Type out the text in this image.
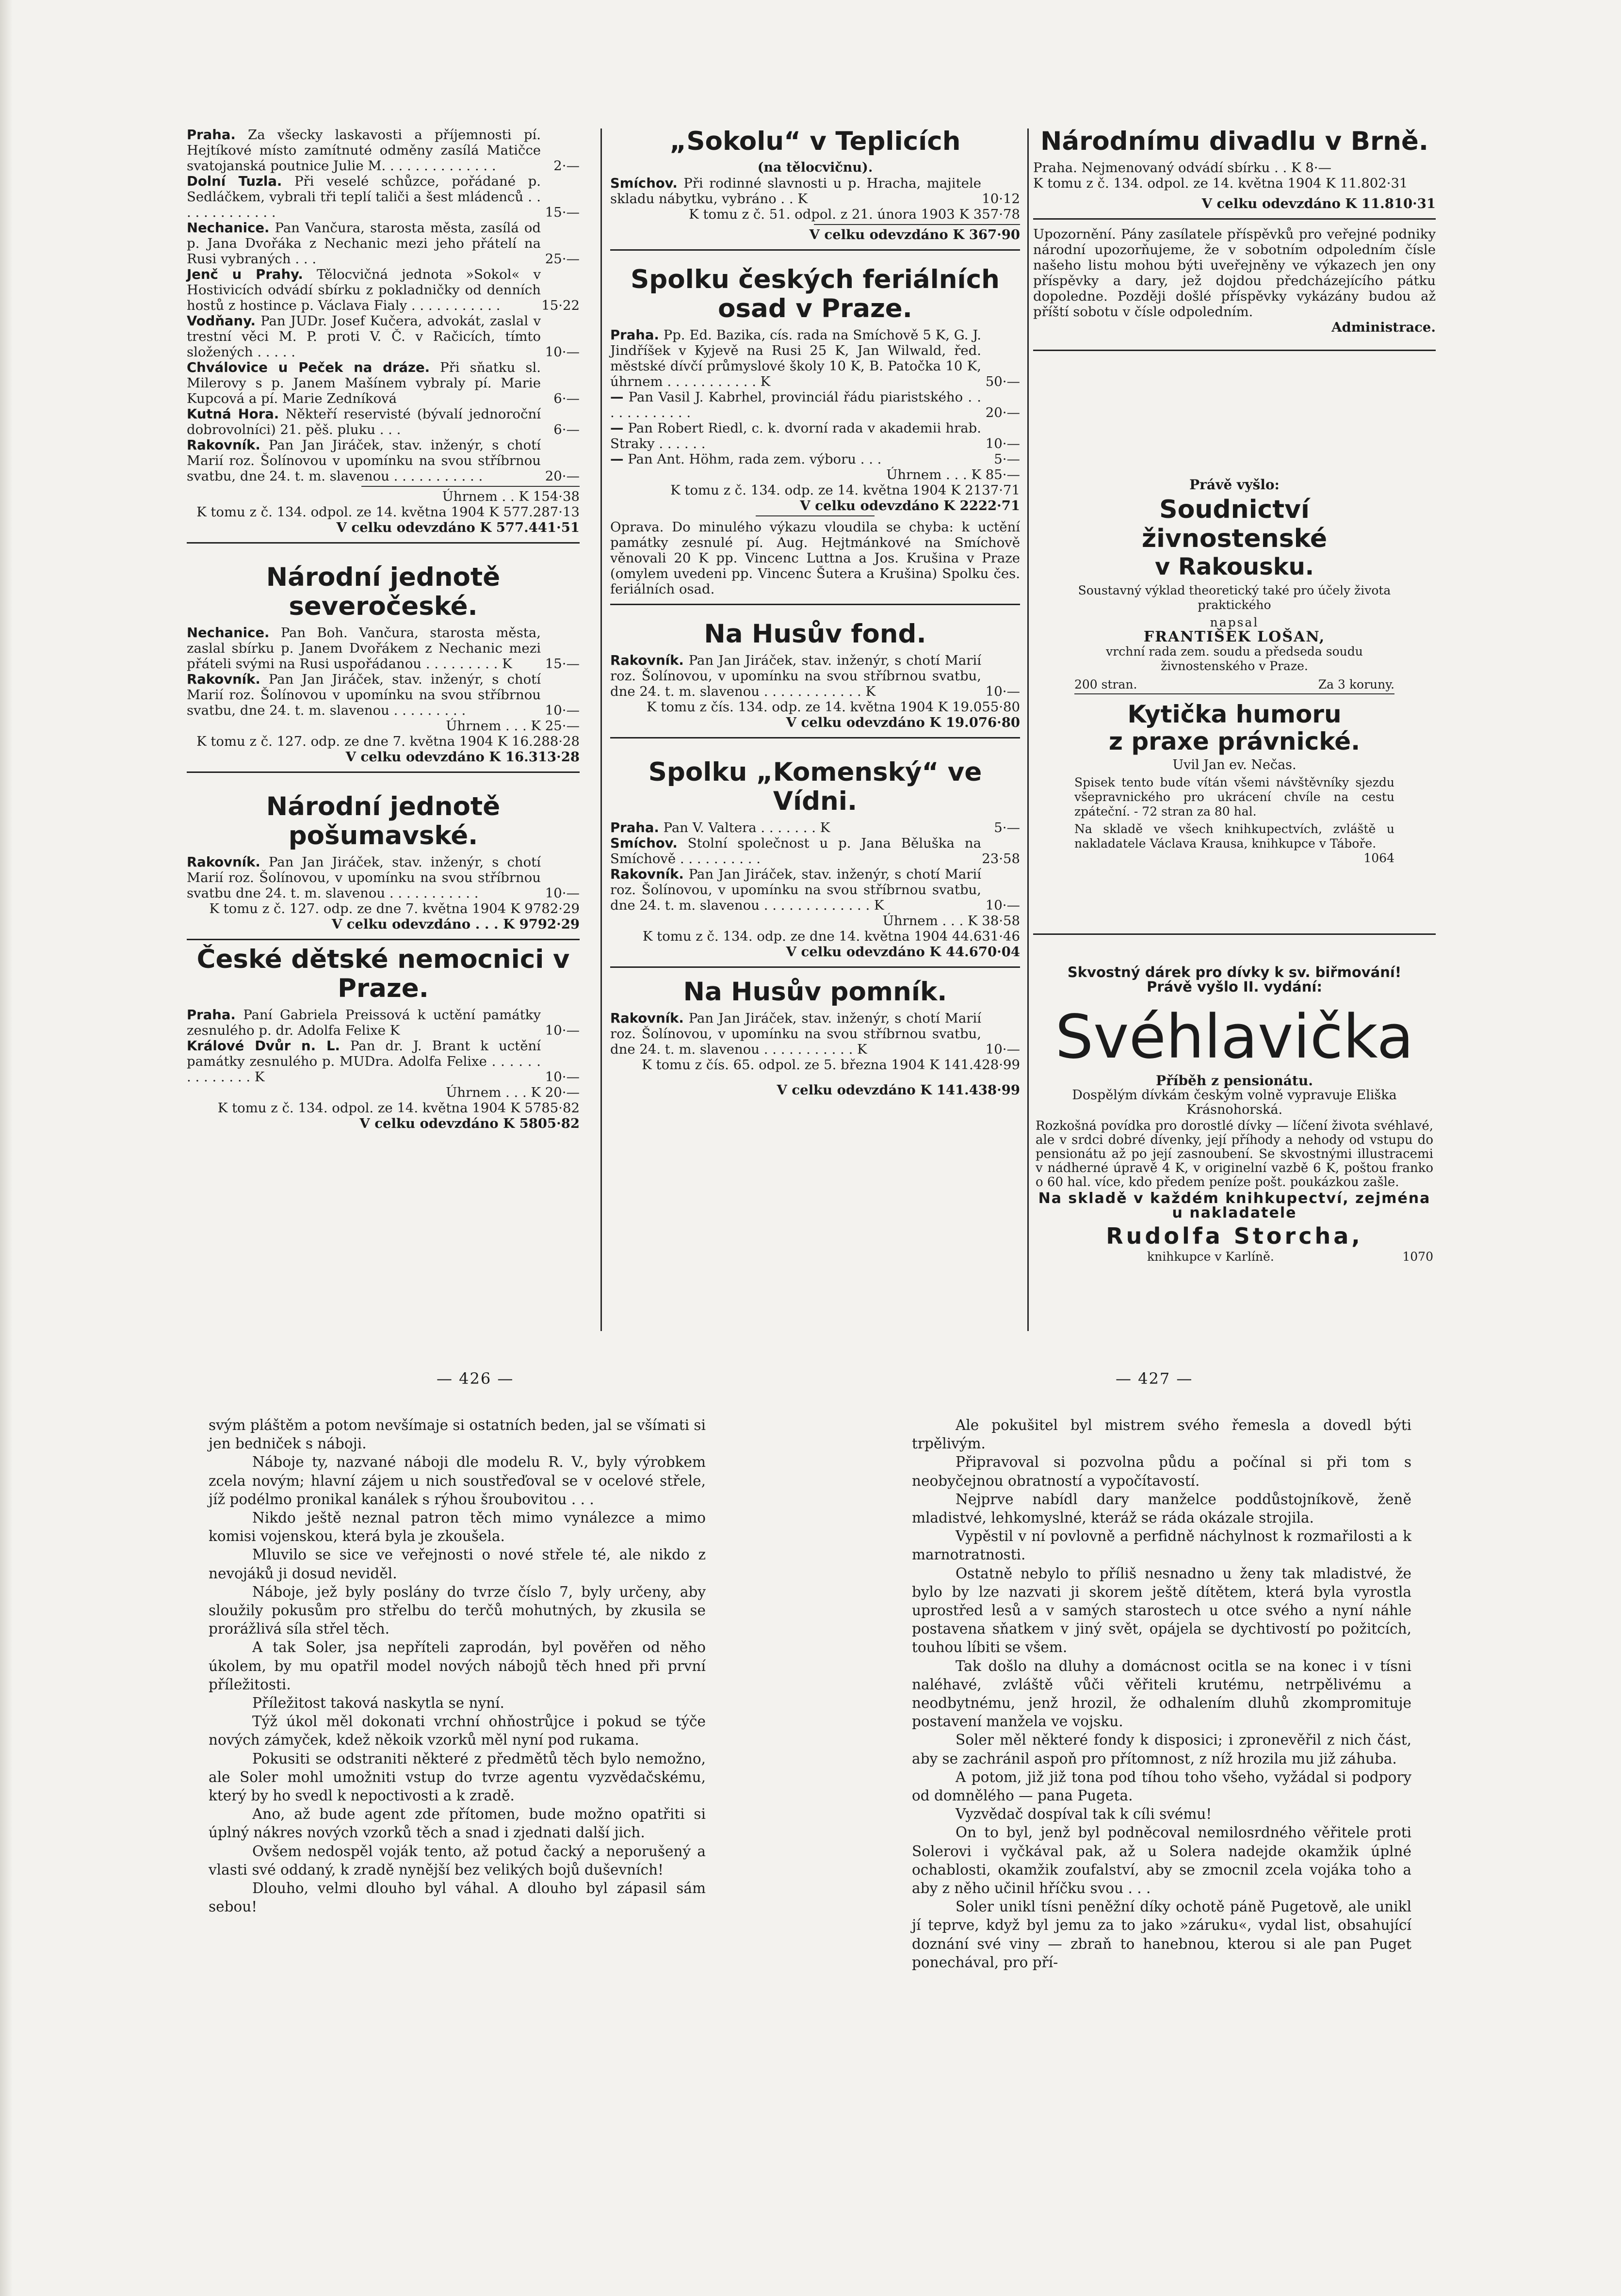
Praha. Za všecky laskavosti a příjemnosti pí. Hejtíkové místo zamítnuté odměny zasílá Matičce svatojanská poutnice Julie M. . . . . . . . . . . . . .	2·—
Dolní Tuzla. Při veselé schůzce, pořádané p. Sedláčkem, vybrali tři teplí taliči a šest mládenců . . . . . . . . . . . . .	15·—
Nechanice. Pan Vančura, starosta města, zasílá od p. Jana Dvořáka z Nechanic mezi jeho přátelí na Rusi vybraných . . .	25·—
Jenč u Prahy. Tělocvičná jednota »Sokol« v Hostivicích odvádí sbírku z pokladničky od denních hostů z hostince p. Václava Fialy . . . . . . . . . . .	15·22
Vodňany. Pan JUDr. Josef Kučera, advokát, zaslal v trestní věci M. P. proti V. Č. v Račicích, tímto složených . . . . .	10·—
Chválovice u Peček na dráze. Při sňatku sl. Milerovy s p. Janem Mašínem vybraly pí. Marie Kupcová a pí. Marie Zedníková	6·—
Kutná Hora. Někteří reservisté (bývalí jednoroční dobrovolníci) 21. pěš. pluku . . .	6·—
Rakovník. Pan Jan Jiráček, stav. inženýr, s chotí Marií roz. Šolínovou v upomínku na svou stříbrnou svatbu, dne 24. t. m. slavenou . . . . . . . . . . .	20·—
Úhrnem . . K 154·38
K tomu z č. 134. odpol. ze 14. května 1904 K 577.287·13
V celku odevzdáno K 577.441·51
Národní jednotě severočeské.
Nechanice. Pan Boh. Vančura, starosta města, zaslal sbírku p. Janem Dvořákem z Nechanic mezi přáteli svými na Rusi uspořádanou . . . . . . . . . K	15·—
Rakovník. Pan Jan Jiráček, stav. inženýr, s chotí Marií roz. Šolínovou v upomínku na svou stříbrnou svatbu, dne 24. t. m. slavenou . . . . . . . . .	10·—
Úhrnem . . . K 25·—
K tomu z č. 127. odp. ze dne 7. května 1904 K 16.288·28
V celku odevzdáno K 16.313·28
Národní jednotě pošumavské.
Rakovník. Pan Jan Jiráček, stav. inženýr, s chotí Marií roz. Šolínovou, v upomínku na svou stříbrnou svatbu dne 24. t. m. slavenou . . . . . . . . . . .	10·—
K tomu z č. 127. odp. ze dne 7. května 1904 K 9782·29
V celku odevzdáno . . . K 9792·29
České dětské nemocnici v Praze.
Praha. Paní Gabriela Preissová k uctění památky zesnulého p. dr. Adolfa Felixe K	10·—
Králové Dvůr n. L. Pan dr. J. Brant k uctění památky zesnulého p. MUDra. Adolfa Felixe . . . . . . . . . . . . . . K	10·—
Úhrnem . . . K 20·—
K tomu z č. 134. odpol. ze 14. května 1904 K 5785·82
V celku odevzdáno K 5805·82
„Sokolu“ v Teplicích
(na tělocvičnu).
Smíchov. Při rodinné slavnosti u p. Hracha, majitele skladu nábytku, vybráno . . K	10·12
K tomu z č. 51. odpol. z 21. února 1903 K 357·78
V celku odevzdáno K 367·90
Spolku českých feriálních osad v Praze.
Praha. Pp. Ed. Bazika, cís. rada na Smíchově 5 K, G. J. Jindříšek v Kyjevě na Rusi 25 K, Jan Wilwald, řed. městské dívčí průmyslové školy 10 K, B. Patočka 10 K, úhrnem . . . . . . . . . . . K	50·—
— Pan Vasil J. Kabrhel, provinciál řádu piaristského . . . . . . . . . . . .	20·—
— Pan Robert Riedl, c. k. dvorní rada v akademii hrab. Straky . . . . . .	10·—
— Pan Ant. Höhm, rada zem. výboru . . .	5·—
Úhrnem . . . K 85·—
K tomu z č. 134. odp. ze 14. května 1904 K 2137·71
V celku odevzdáno K 2222·71
Oprava. Do minulého výkazu vloudila se chyba: k uctění památky zesnulé pí. Aug. Hejtmánkové na Smíchově věnovali 20 K pp. Vincenc Luttna a Jos. Krušina v Praze (omylem uvedeni pp. Vincenc Šutera a Krušina) Spolku čes. feriálních osad.
Na Husův fond.
Rakovník. Pan Jan Jiráček, stav. inženýr, s chotí Marií roz. Šolínovou, v upomínku na svou stříbrnou svatbu, dne 24. t. m. slavenou . . . . . . . . . . . . K	10·—
K tomu z čís. 134. odp. ze 14. května 1904 K 19.055·80
V celku odevzdáno K 19.076·80
Spolku „Komenský“ ve Vídni.
Praha. Pan V. Valtera . . . . . . . K	5·—
Smíchov. Stolní společnost u p. Jana Běluška na Smíchově . . . . . . . . . .	23·58
Rakovník. Pan Jan Jiráček, stav. inženýr, s chotí Marií roz. Šolínovou, v upomínku na svou stříbrnou svatbu, dne 24. t. m. slavenou . . . . . . . . . . . . . K	10·—
Úhrnem . . . K 38·58
K tomu z č. 134. odp. ze dne 14. května 1904 44.631·46
V celku odevzdáno K 44.670·04
Na Husův pomník.
Rakovník. Pan Jan Jiráček, stav. inženýr, s chotí Marií roz. Šolínovou, v upomínku na svou stříbrnou svatbu, dne 24. t. m. slavenou . . . . . . . . . . . K	10·—
K tomu z čís. 65. odpol. ze 5. března 1904 K 141.428·99
V celku odevzdáno K 141.438·99
Národnímu divadlu v Brně.
Praha. Nejmenovaný odvádí sbírku . . K 8·—
K tomu z č. 134. odpol. ze 14. května 1904 K 11.802·31
V celku odevzdáno K 11.810·31
Upozornění. Pány zasílatele příspěvků pro veřejné podniky národní upozorňujeme, že v sobotním odpoledním čísle našeho listu mohou býti uveřejněny ve výkazech jen ony příspěvky a dary, jež dojdou předcházejícího pátku dopoledne. Později došlé příspěvky vykázány budou až příští sobotu v čísle odpoledním.
Administrace.
Právě vyšlo:
Soudnictví živnostenské
v Rakousku.
Soustavný výklad theoretický také pro účely života praktického
napsal
FRANTIŠEK LOŠAN,
vrchní rada zem. soudu a předseda soudu živnostenského v Praze.
200 stran.	Za 3 koruny.
Kytička humoru
z praxe právnické.
Uvil Jan ev. Nečas.
Spisek tento bude vítán všemi návštěvníky sjezdu všepravnického pro ukrácení chvíle na cestu zpáteční. - 72 stran za 80 hal.
Na skladě ve všech knihkupectvích, zvláště u nakladatele Václava Krausa, knihkupce v Táboře.
1064
Skvostný dárek pro dívky k sv. biřmování!
Právě vyšlo II. vydání:
Svéhlavička
Příběh z pensionátu.
Dospělým dívkám českým volně vypravuje Eliška Krásnohorská.
Rozkošná povídka pro dorostlé dívky — líčení života svéhlavé, ale v srdci dobré dívenky, její příhody a nehody od vstupu do pensionátu až po její zasnoubení. Se skvostnými illustracemi v nádherné úpravě 4 K, v originelní vazbě 6 K, poštou franko o 60 hal. více, kdo předem peníze pošt. poukázkou zašle.
Na skladě v každém knihkupectví, zejména u nakladatele
Rudolfa Storcha,
knihkupce v Karlíně.	1070
— 426 —	— 427 —

svým pláštěm a potom nevšímaje si ostatních beden, jal se všímati si jen bedniček s náboji.

Náboje ty, nazvané náboji dle modelu R. V., byly výrobkem zcela novým; hlavní zájem u nich soustřeďoval se v ocelové střele, jíž podélmo pronikal kanálek s rýhou šroubovitou . . .

Nikdo ještě neznal patron těch mimo vynálezce a mimo komisi vojenskou, která byla je zkoušela.

Mluvilo se sice ve veřejnosti o nové střele té, ale nikdo z nevojáků ji dosud neviděl.

Náboje, jež byly poslány do tvrze číslo 7, byly určeny, aby sloužily pokusům pro střelbu do terčů mohutných, by zkusila se prorážlivá síla střel těch.

A tak Soler, jsa nepříteli zaprodán, byl pověřen od něho úkolem, by mu opatřil model nových nábojů těch hned při první příležitosti.

Příležitost taková naskytla se nyní.

Týž úkol měl dokonati vrchní ohňostrůjce i pokud se týče nových zámyček, kdež někoik vzorků měl nyní pod rukama.

Pokusiti se odstraniti některé z předmětů těch bylo nemožno, ale Soler mohl umožniti vstup do tvrze agentu vyzvědačskému, který by ho svedl k nepoctivosti a k zradě.

Ano, až bude agent zde přítomen, bude možno opatřiti si úplný nákres nových vzorků těch a snad i zjednati další jich.

Ovšem nedospěl voják tento, až potud čacký a neporušený a vlasti své oddaný, k zradě nynější bez velikých bojů duševních!

Dlouho, velmi dlouho byl váhal. A dlouho byl zápasil sám sebou!

Ale pokušitel byl mistrem svého řemesla a dovedl býti trpělivým.

Připravoval si pozvolna půdu a počínal si při tom s neobyčejnou obratností a vypočítavostí.

Nejprve nabídl dary manželce poddůstojníkově, ženě mladistvé, lehkomyslné, kteráž se ráda okázale strojila.

Vypěstil v ní povlovně a perfidně náchylnost k rozmařilosti a k marnotratnosti.

Ostatně nebylo to příliš nesnadno u ženy tak mladistvé, že bylo by lze nazvati ji skorem ještě dítětem, která byla vyrostla uprostřed lesů a v samých starostech u otce svého a nyní náhle postavena sňatkem v jiný svět, opájela se dychtivostí po požitcích, touhou líbiti se všem.

Tak došlo na dluhy a domácnost ocitla se na konec i v tísni naléhavé, zvláště vůči věřiteli krutému, netrpělivému a neodbytnému, jenž hrozil, že odhalením dluhů zkompromituje postavení manžela ve vojsku.

Soler měl některé fondy k disposici; i zpronevěřil z nich část, aby se zachránil aspoň pro přítomnost, z níž hrozila mu již záhuba.

A potom, již již tona pod tíhou toho všeho, vyžádal si podpory od domnělého — pana Pugeta.

Vyzvědač dospíval tak k cíli svému!

On to byl, jenž byl podněcoval nemilosrdného věřitele proti Solerovi i vyčkával pak, až u Solera nadejde okamžik úplné ochablosti, okamžik zoufalství, aby se zmocnil zcela vojáka toho a aby z něho učinil hříčku svou . . .

Soler unikl tísni peněžní díky ochotě páně Pugetově, ale unikl jí teprve, když byl jemu za to jako »záruku«, vydal list, obsahující doznání své viny — zbraň to hanebnou, kterou si ale pan Puget ponechával, pro pří-
